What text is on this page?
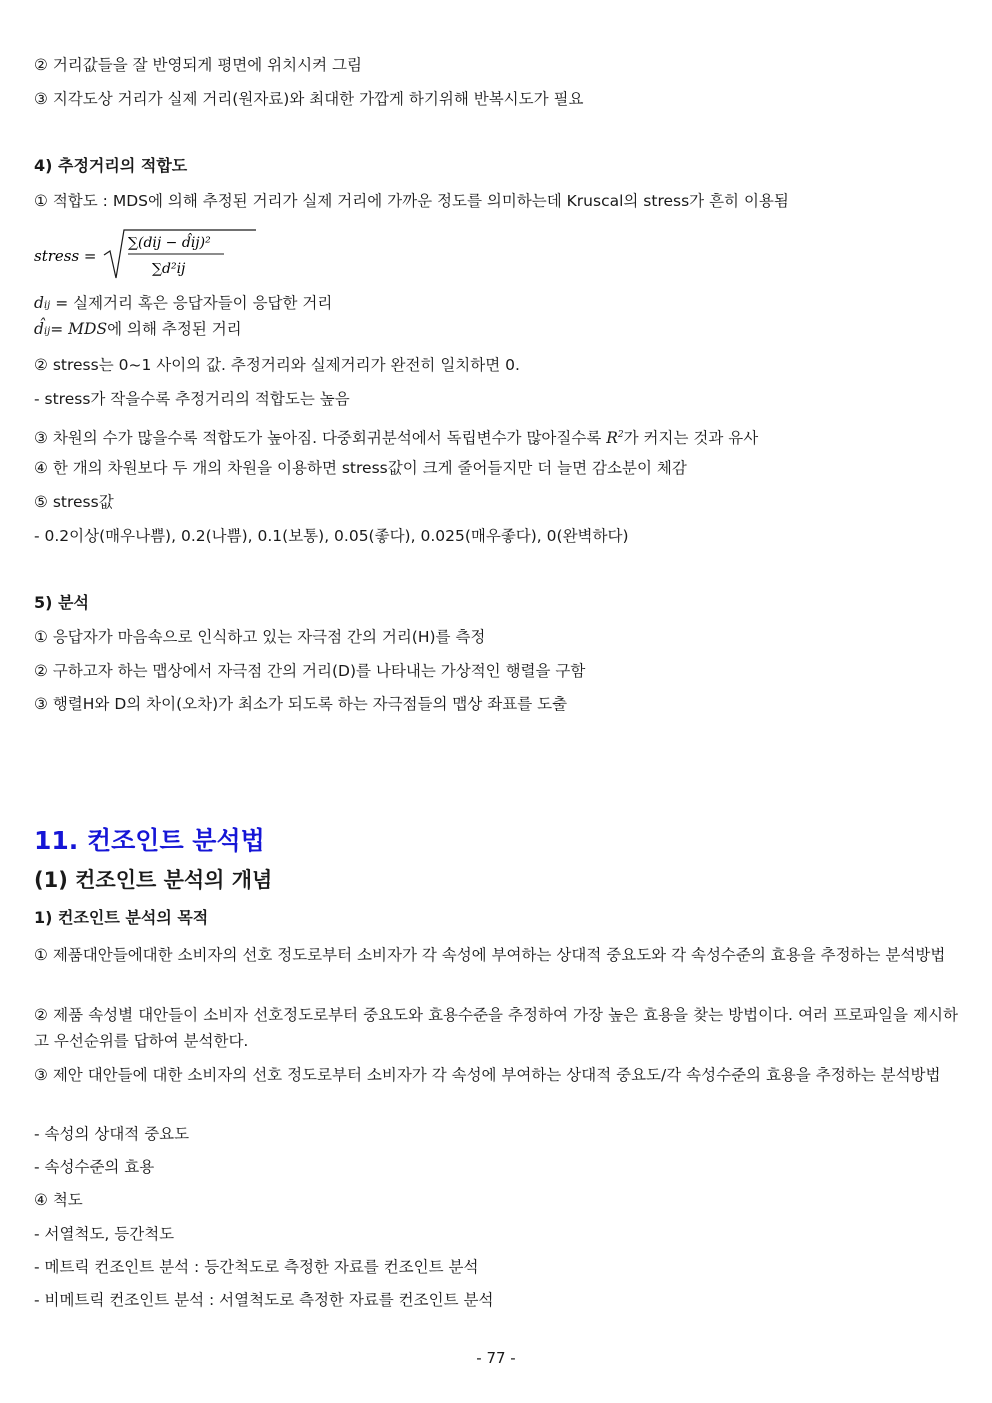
② 거리값들을 잘 반영되게 평면에 위치시켜 그림
③ 지각도상 거리가 실제 거리(원자료)와 최대한 가깝게 하기위해 반복시도가 필요
4) 추정거리의 적합도
① 적합도 : MDS에 의해 추정된 거리가 실제 거리에 가까운 정도를 의미하는데 Kruscal의 stress가 흔히 이용됨
stress =
∑(dij − d̂ij)²
∑d²ij
dij = 실제거리 혹은 응답자들이 응답한 거리
d̂ij= MDS에 의해 추정된 거리
② stress는 0~1 사이의 값. 추정거리와 실제거리가 완전히 일치하면 0.
- stress가 작을수록 추정거리의 적합도는 높음
③ 차원의 수가 많을수록 적합도가 높아짐. 다중회귀분석에서 독립변수가 많아질수록 $R^2$가 커지는 것과 유사
④ 한 개의 차원보다 두 개의 차원을 이용하면 stress값이 크게 줄어들지만 더 늘면 감소분이 체감
⑤ stress값
- 0.2이상(매우나쁨), 0.2(나쁨), 0.1(보통), 0.05(좋다), 0.025(매우좋다), 0(완벽하다)
5) 분석
① 응답자가 마음속으로 인식하고 있는 자극점 간의 거리(H)를 측정
② 구하고자 하는 맵상에서 자극점 간의 거리(D)를 나타내는 가상적인 행렬을 구함
③ 행렬H와 D의 차이(오차)가 최소가 되도록 하는 자극점들의 맵상 좌표를 도출
11. 컨조인트 분석법
(1) 컨조인트 분석의 개념
1) 컨조인트 분석의 목적
① 제품대안들에대한 소비자의 선호 정도로부터 소비자가 각 속성에 부여하는 상대적 중요도와 각 속성수준의 효용을 추정하는 분석방법
② 제품 속성별 대안들이 소비자 선호정도로부터 중요도와 효용수준을 추정하여 가장 높은 효용을 찾는 방법이다. 여러 프로파일을 제시하고 우선순위를 답하여 분석한다.
③ 제안 대안들에 대한 소비자의 선호 정도로부터 소비자가 각 속성에 부여하는 상대적 중요도/각 속성수준의 효용을 추정하는 분석방법
- 속성의 상대적 중요도
- 속성수준의 효용
④ 척도
- 서열척도, 등간척도
- 메트릭 컨조인트 분석 : 등간척도로 측정한 자료를 컨조인트 분석
- 비메트릭 컨조인트 분석 : 서열척도로 측정한 자료를 컨조인트 분석
- 77 -
